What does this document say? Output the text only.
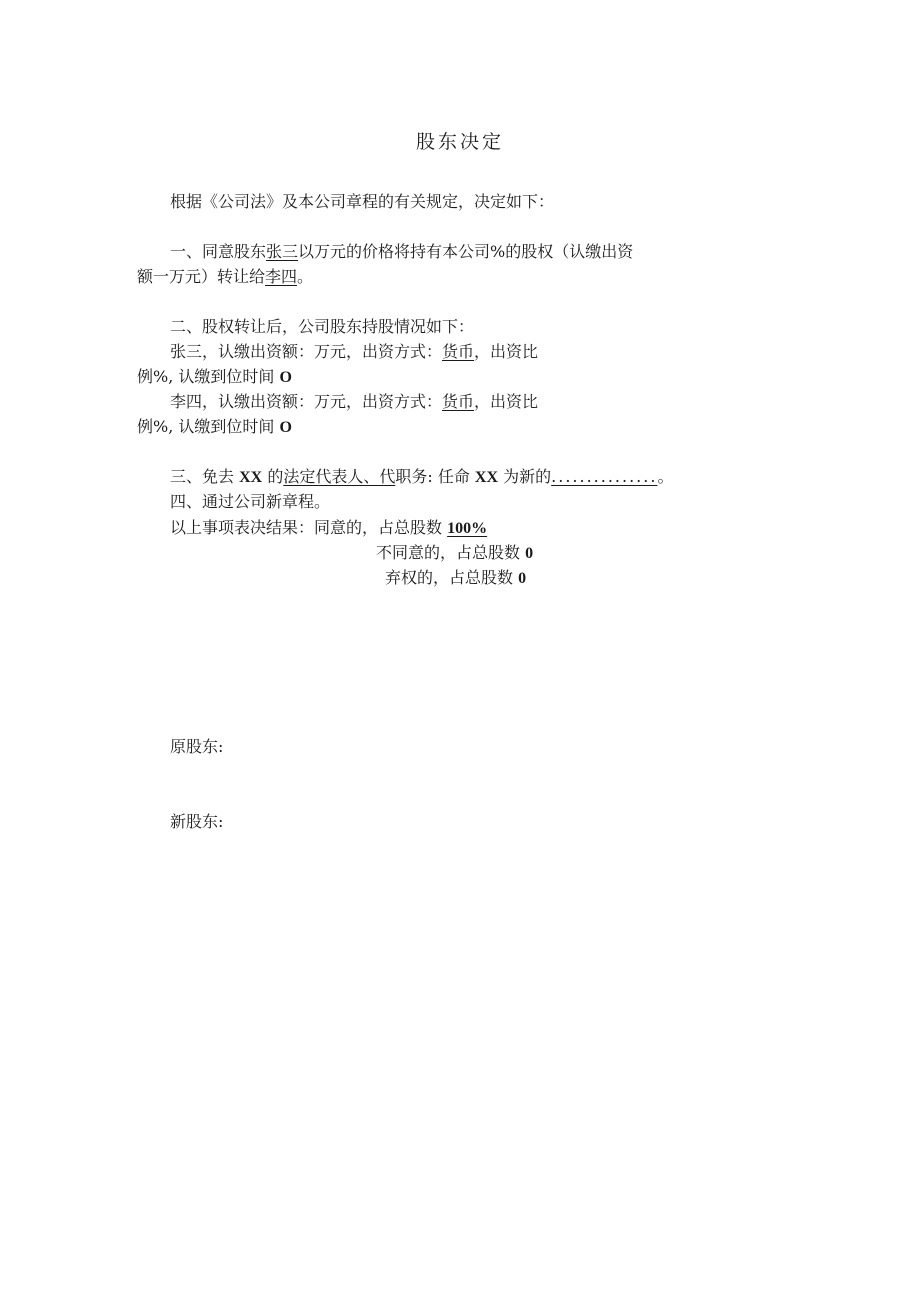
股东决定
根据《公司法》及本公司章程的有关规定，决定如下：
一、同意股东张三以万元的价格将持有本公司%的股权（认缴出资
额一万元）转让给李四。
二、股权转让后，公司股东持股情况如下：
张三，认缴出资额：万元，出资方式：货币，出资比
例%, 认缴到位时间 O
李四，认缴出资额：万元，出资方式：货币，出资比
例%, 认缴到位时间 O
三、免去 XX 的法定代表人、代职务: 任命 XX 为新的...............。
四、通过公司新章程。
以上事项表决结果：同意的，占总股数 100%
不同意的，占总股数 0
弃权的，占总股数 0
原股东:
新股东:
